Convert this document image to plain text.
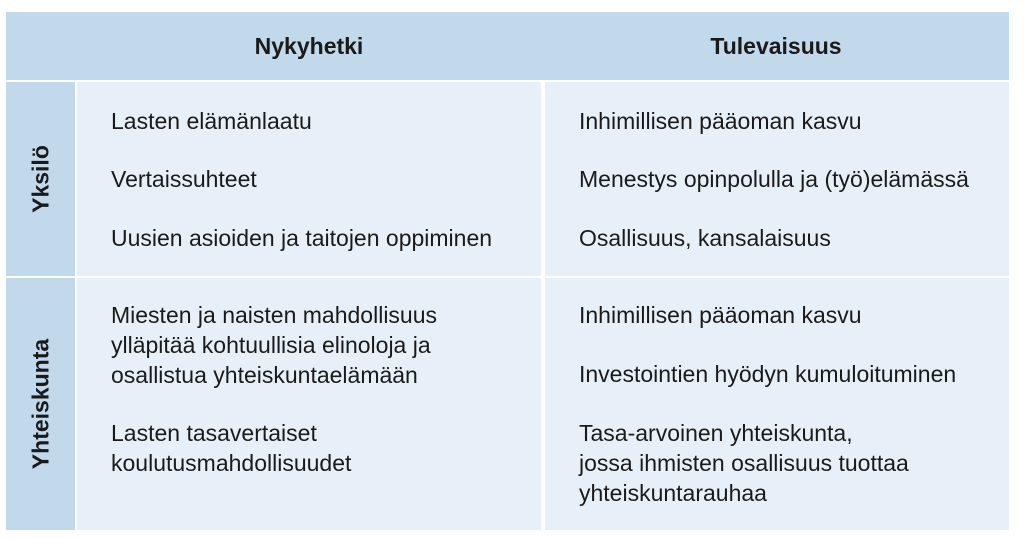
Nykyhetki	Tulevaisuus
Yksilö
Yhteiskunta
Lasten elämänlaatu
Vertaissuhteet
Uusien asioiden ja taitojen oppiminen
Inhimillisen pääoman kasvu
Menestys opinpolulla ja (työ)elämässä
Osallisuus, kansalaisuus
Miesten ja naisten mahdollisuus
ylläpitää kohtuullisia elinoloja ja
osallistua yhteiskuntaelämään
Lasten tasavertaiset
koulutusmahdollisuudet
Inhimillisen pääoman kasvu
Investointien hyödyn kumuloituminen
Tasa-arvoinen yhteiskunta,
jossa ihmisten osallisuus tuottaa
yhteiskuntarauhaa
